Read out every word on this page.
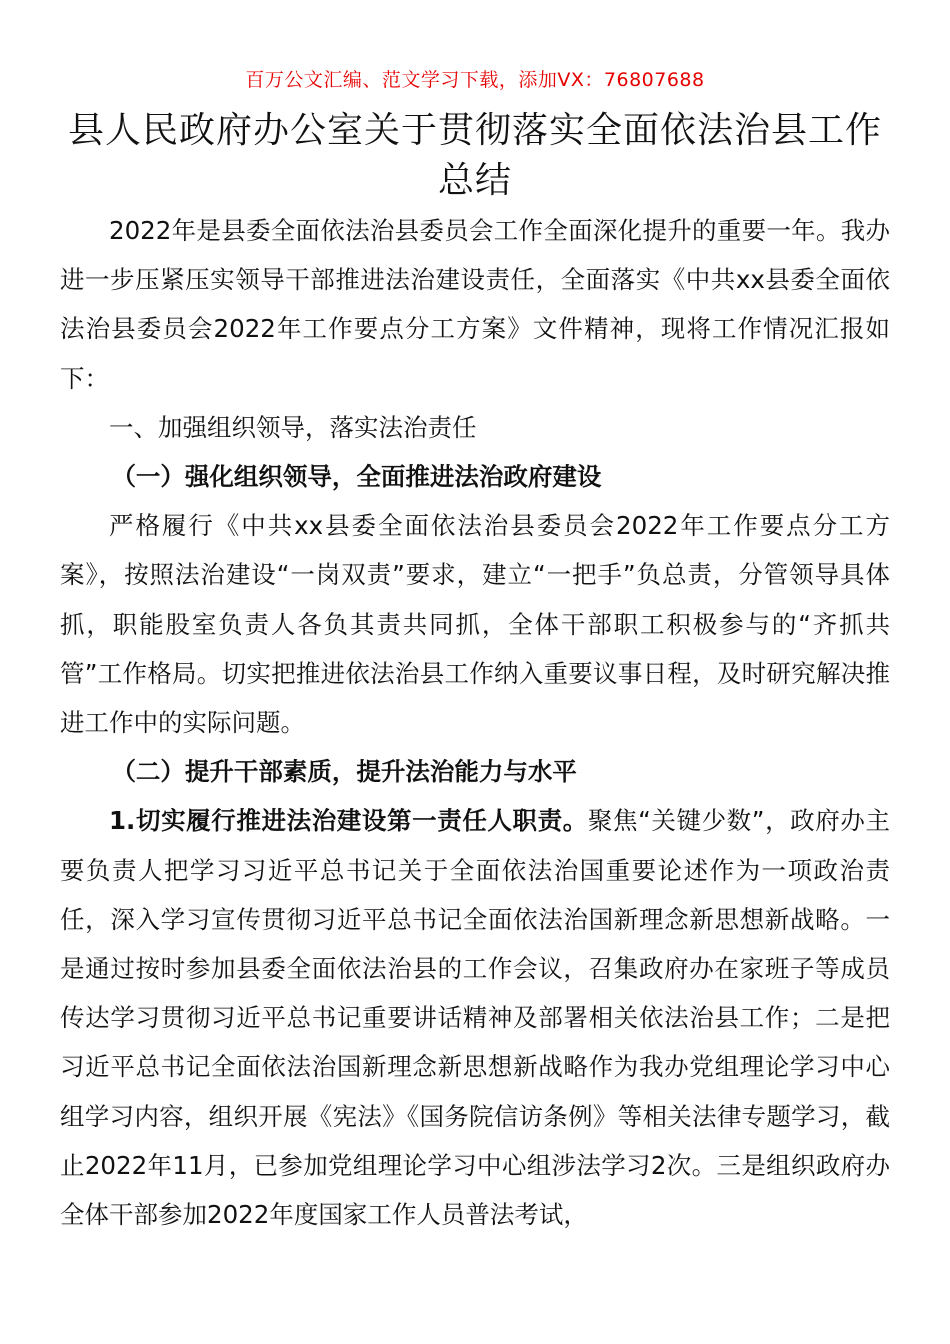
百万公文汇编、范文学习下载，添加VX：76807688
县人民政府办公室关于贯彻落实全面依法治县工作总结

2022年是县委全面依法治县委员会工作全面深化提升的重要一年。我办进一步压紧压实领导干部推进法治建设责任，全面落实《中共xx县委全面依法治县委员会2022年工作要点分工方案》文件精神，现将工作情况汇报如下：

一、加强组织领导，落实法治责任

（一）强化组织领导，全面推进法治政府建设

严格履行《中共xx县委全面依法治县委员会2022年工作要点分工方案》，按照法治建设“一岗双责”要求，建立“一把手”负总责，分管领导具体抓，职能股室负责人各负其责共同抓，全体干部职工积极参与的“齐抓共管”工作格局。切实把推进依法治县工作纳入重要议事日程，及时研究解决推进工作中的实际问题。

（二）提升干部素质，提升法治能力与水平

1.切实履行推进法治建设第一责任人职责。聚焦“关键少数”，政府办主要负责人把学习习近平总书记关于全面依法治国重要论述作为一项政治责任，深入学习宣传贯彻习近平总书记全面依法治国新理念新思想新战略。一是通过按时参加县委全面依法治县的工作会议，召集政府办在家班子等成员传达学习贯彻习近平总书记重要讲话精神及部署相关依法治县工作；二是把习近平总书记全面依法治国新理念新思想新战略作为我办党组理论学习中心组学习内容，组织开展《宪法》《国务院信访条例》等相关法律专题学习，截止2022年11月，已参加党组理论学习中心组涉法学习2次。三是组织政府办全体干部参加2022年度国家工作人员普法考试，
